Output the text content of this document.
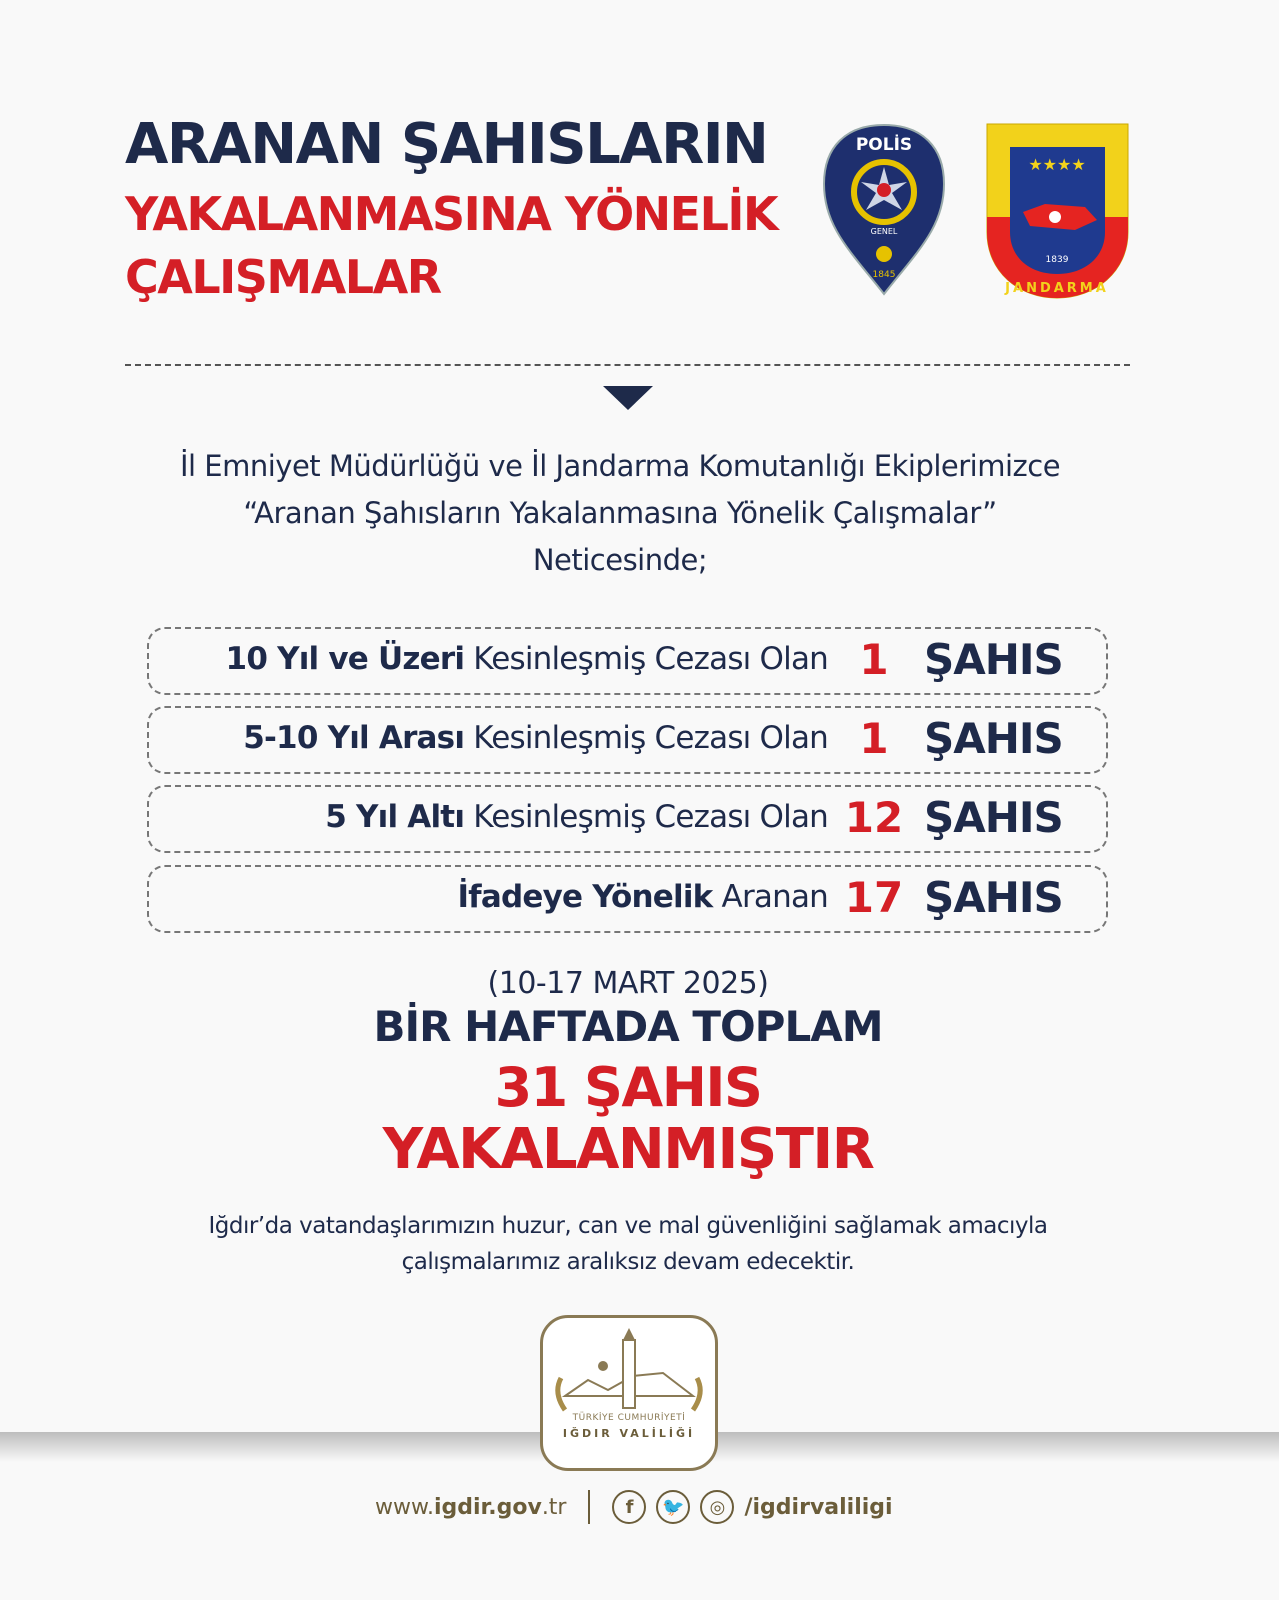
ARANAN ŞAHISLARIN
YAKALANMASINA YÖNELİK
ÇALIŞMALAR
POLİS
GENEL
1845
★★★★
1839
JANDARMA
İl Emniyet Müdürlüğü ve İl Jandarma Komutanlığı Ekiplerimizce
“Aranan Şahısların Yakalanmasına Yönelik Çalışmalar”
Neticesinde;
10 Yıl ve Üzeri Kesinleşmiş Cezası Olan 1 ŞAHIS
5-10 Yıl Arası Kesinleşmiş Cezası Olan 1 ŞAHIS
5 Yıl Altı Kesinleşmiş Cezası Olan 12 ŞAHIS
İfadeye Yönelik Aranan 17 ŞAHIS
(10-17 MART 2025)
BİR HAFTADA TOPLAM
31 ŞAHIS
YAKALANMIŞTIR
Iğdır’da vatandaşlarımızın huzur, can ve mal güvenliğini sağlamak amacıyla
çalışmalarımız aralıksız devam edecektir.
TÜRKİYE CUMHURİYETİ
IĞDIR VALİLİĞİ
www.igdir.gov.tr	f	🐦	◎ /igdirvaliligi
